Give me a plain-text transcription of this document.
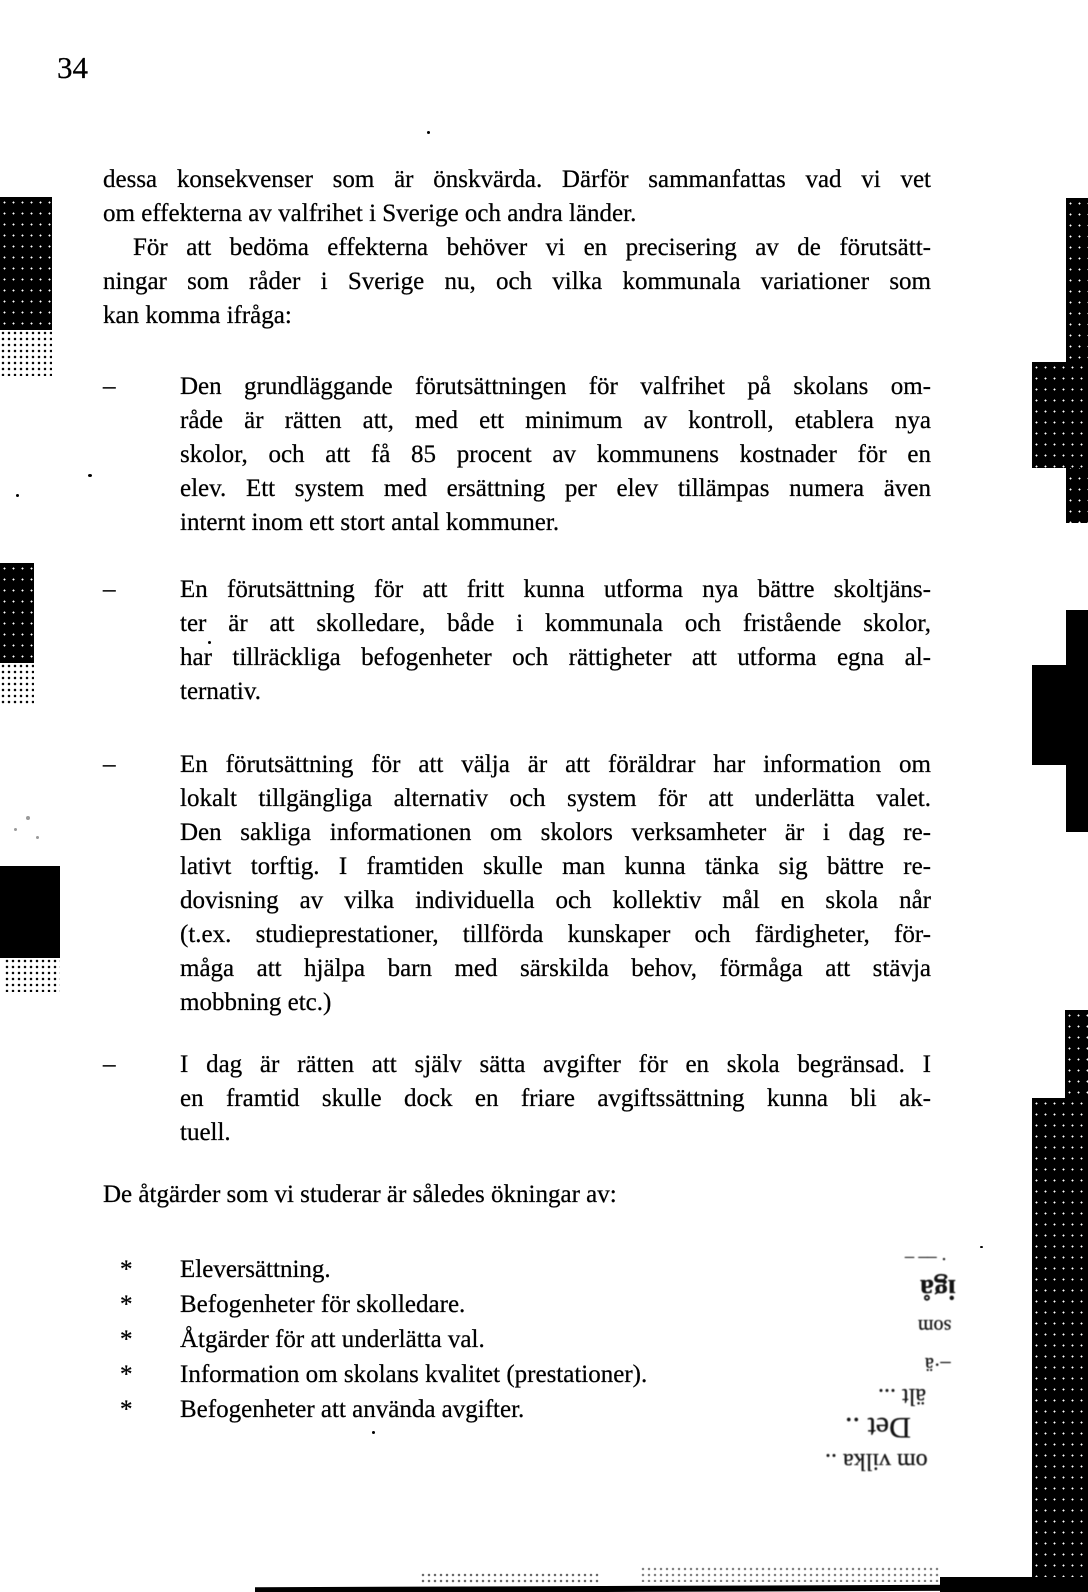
34
dessa konsekvenser som är önskvärda. Därför sammanfattas vad vi vet
om effekterna av valfrihet i Sverige och andra länder.
För att bedöma effekterna behöver vi en precisering av de förutsätt-
ningar som råder i Sverige nu, och vilka kommunala variationer som
kan komma ifråga:
–	Den grundläggande förutsättningen för valfrihet på skolans om-
råde är rätten att, med ett minimum av kontroll, etablera nya
skolor, och att få 85 procent av kommunens kostnader för en
elev. Ett system med ersättning per elev tillämpas numera även
internt inom ett stort antal kommuner.
–	En förutsättning för att fritt kunna utforma nya bättre skoltjäns-
ter är att skolledare, både i kommunala och fristående skolor,
har tillräckliga befogenheter och rättigheter att utforma egna al-
ternativ.
–	En förutsättning för att välja är att föräldrar har information om
lokalt tillgängliga alternativ och system för att underlätta valet.
Den sakliga informationen om skolors verksamheter är i dag re-
lativt torftig. I framtiden skulle man kunna tänka sig bättre re-
dovisning av vilka individuella och kollektiv mål en skola når
(t.ex. studieprestationer, tillförda kunskaper och färdigheter, för-
måga att hjälpa barn med särskilda behov, förmåga att stävja
mobbning etc.)
–	I dag är rätten att själv sätta avgifter för en skola begränsad. I
en framtid skulle dock en friare avgiftssättning kunna bli ak-
tuell.
De åtgärder som vi studerar är således ökningar av:
*	Eleversättning.
*	Befogenheter för skolledare.
*	Åtgärder för att underlätta val.
*	Information om skolans kvalitet (prestationer).
*	Befogenheter att använda avgifter.
· –– –
igå
som
–·ä
ält ...
Det ..
om vilka ..
